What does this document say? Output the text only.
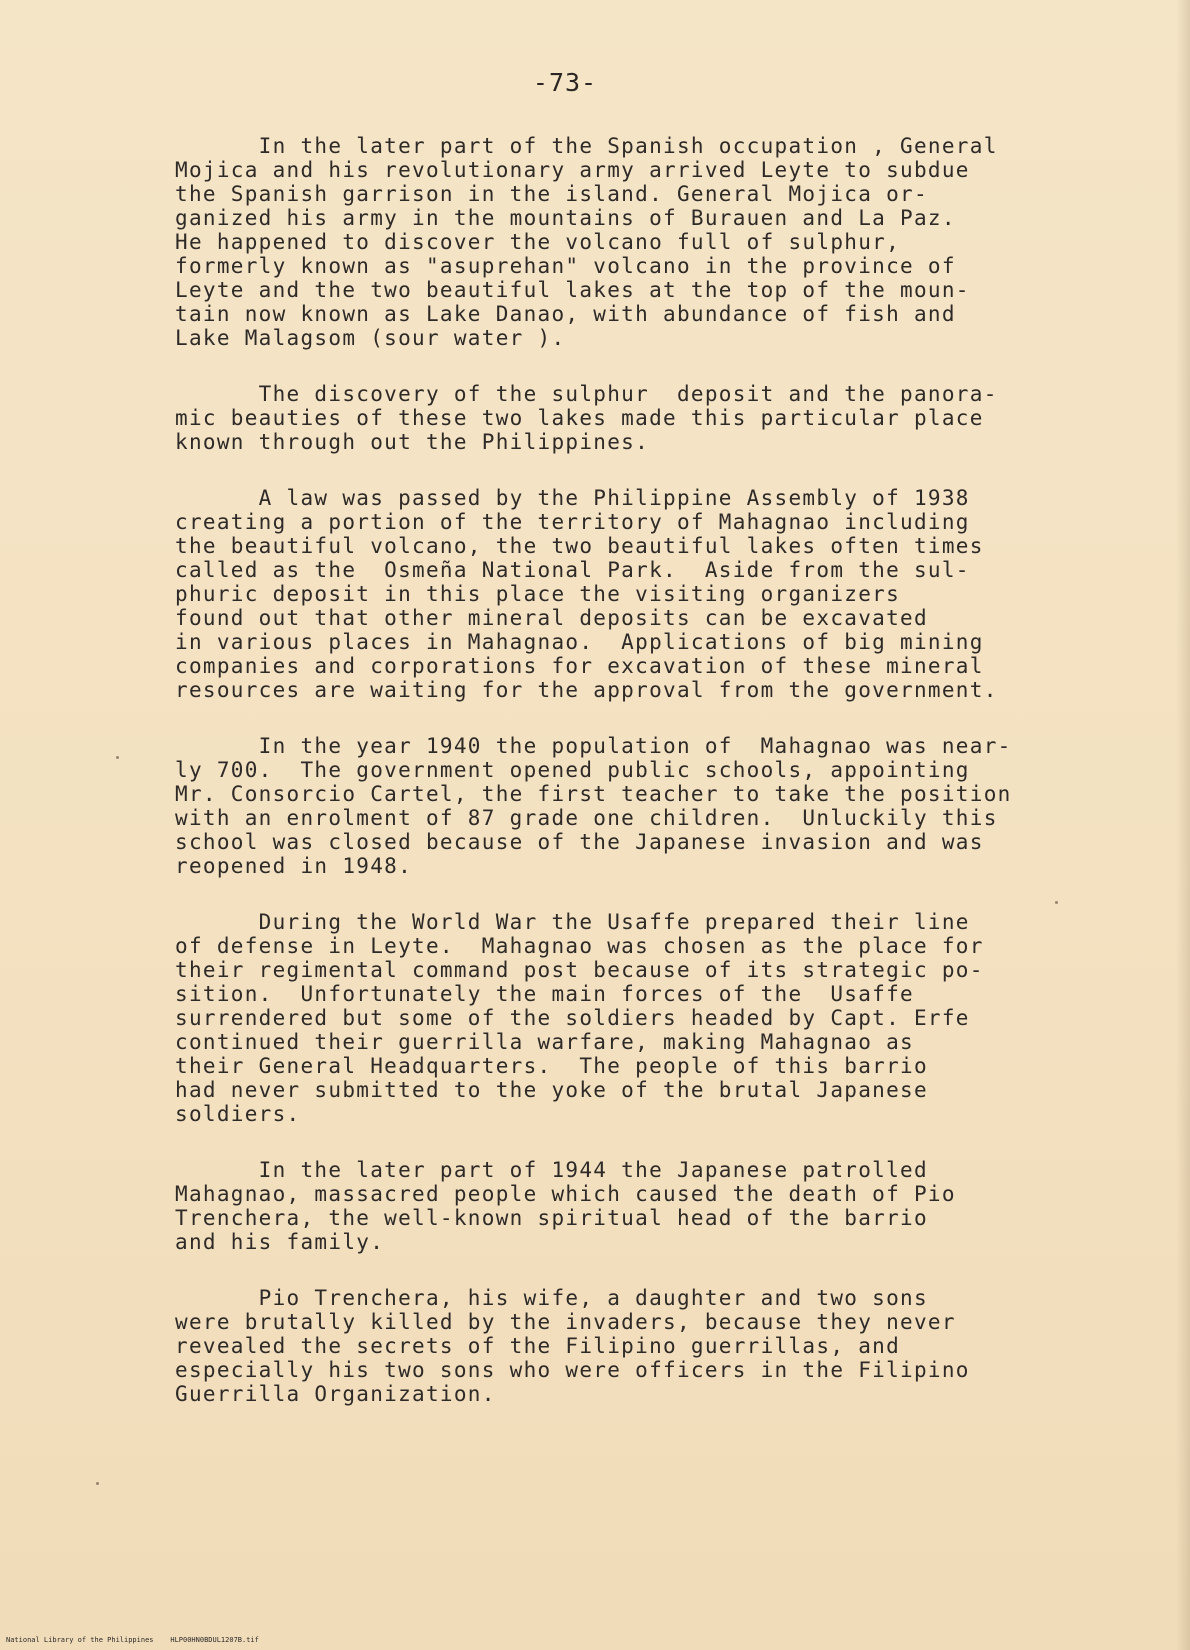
-73-
In the later part of the Spanish occupation , General
Mojica and his revolutionary army arrived Leyte to subdue
the Spanish garrison in the island. General Mojica or-
ganized his army in the mountains of Burauen and La Paz.
He happened to discover the volcano full of sulphur,
formerly known as "asuprehan" volcano in the province of
Leyte and the two beautiful lakes at the top of the moun-
tain now known as Lake Danao, with abundance of fish and
Lake Malagsom (sour water ).
The discovery of the sulphur  deposit and the panora-
mic beauties of these two lakes made this particular place
known through out the Philippines.
A law was passed by the Philippine Assembly of 1938
creating a portion of the territory of Mahagnao including
the beautiful volcano, the two beautiful lakes often times
called as the  Osmeña National Park.  Aside from the sul-
phuric deposit in this place the visiting organizers
found out that other mineral deposits can be excavated
in various places in Mahagnao.  Applications of big mining
companies and corporations for excavation of these mineral
resources are waiting for the approval from the government.
In the year 1940 the population of  Mahagnao was near-
ly 700.  The government opened public schools, appointing
Mr. Consorcio Cartel, the first teacher to take the position
with an enrolment of 87 grade one children.  Unluckily this
school was closed because of the Japanese invasion and was
reopened in 1948.
During the World War the Usaffe prepared their line
of defense in Leyte.  Mahagnao was chosen as the place for
their regimental command post because of its strategic po-
sition.  Unfortunately the main forces of the  Usaffe
surrendered but some of the soldiers headed by Capt. Erfe
continued their guerrilla warfare, making Mahagnao as
their General Headquarters.  The people of this barrio
had never submitted to the yoke of the brutal Japanese
soldiers.
In the later part of 1944 the Japanese patrolled
Mahagnao, massacred people which caused the death of Pio
Trenchera, the well-known spiritual head of the barrio
and his family.
Pio Trenchera, his wife, a daughter and two sons
were brutally killed by the invaders, because they never
revealed the secrets of the Filipino guerrillas, and
especially his two sons who were officers in the Filipino
Guerrilla Organization.
National Library of the Philippines    HLP00HN0BDUL1207B.tif
